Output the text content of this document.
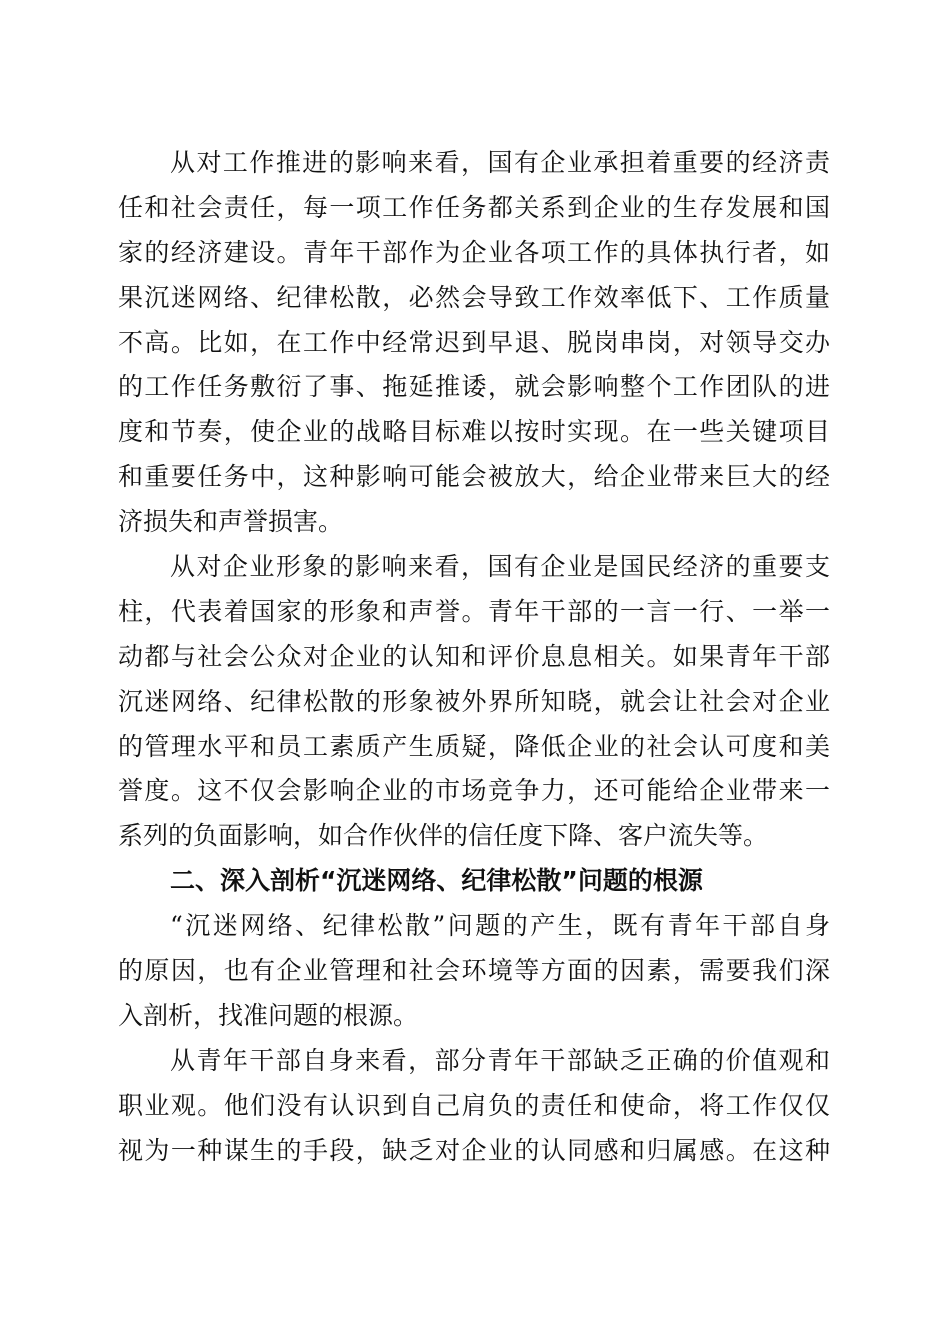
从对工作推进的影响来看，国有企业承担着重要的经济责
任和社会责任，每一项工作任务都关系到企业的生存发展和国
家的经济建设。青年干部作为企业各项工作的具体执行者，如
果沉迷网络、纪律松散，必然会导致工作效率低下、工作质量
不高。比如，在工作中经常迟到早退、脱岗串岗，对领导交办
的工作任务敷衍了事、拖延推诿，就会影响整个工作团队的进
度和节奏，使企业的战略目标难以按时实现。在一些关键项目
和重要任务中，这种影响可能会被放大，给企业带来巨大的经
济损失和声誉损害。
从对企业形象的影响来看，国有企业是国民经济的重要支
柱，代表着国家的形象和声誉。青年干部的一言一行、一举一
动都与社会公众对企业的认知和评价息息相关。如果青年干部
沉迷网络、纪律松散的形象被外界所知晓，就会让社会对企业
的管理水平和员工素质产生质疑，降低企业的社会认可度和美
誉度。这不仅会影响企业的市场竞争力，还可能给企业带来一
系列的负面影响，如合作伙伴的信任度下降、客户流失等。
二、深入剖析“沉迷网络、纪律松散”问题的根源
“沉迷网络、纪律松散”问题的产生，既有青年干部自身
的原因，也有企业管理和社会环境等方面的因素，需要我们深
入剖析，找准问题的根源。
从青年干部自身来看，部分青年干部缺乏正确的价值观和
职业观。他们没有认识到自己肩负的责任和使命，将工作仅仅
视为一种谋生的手段，缺乏对企业的认同感和归属感。在这种
